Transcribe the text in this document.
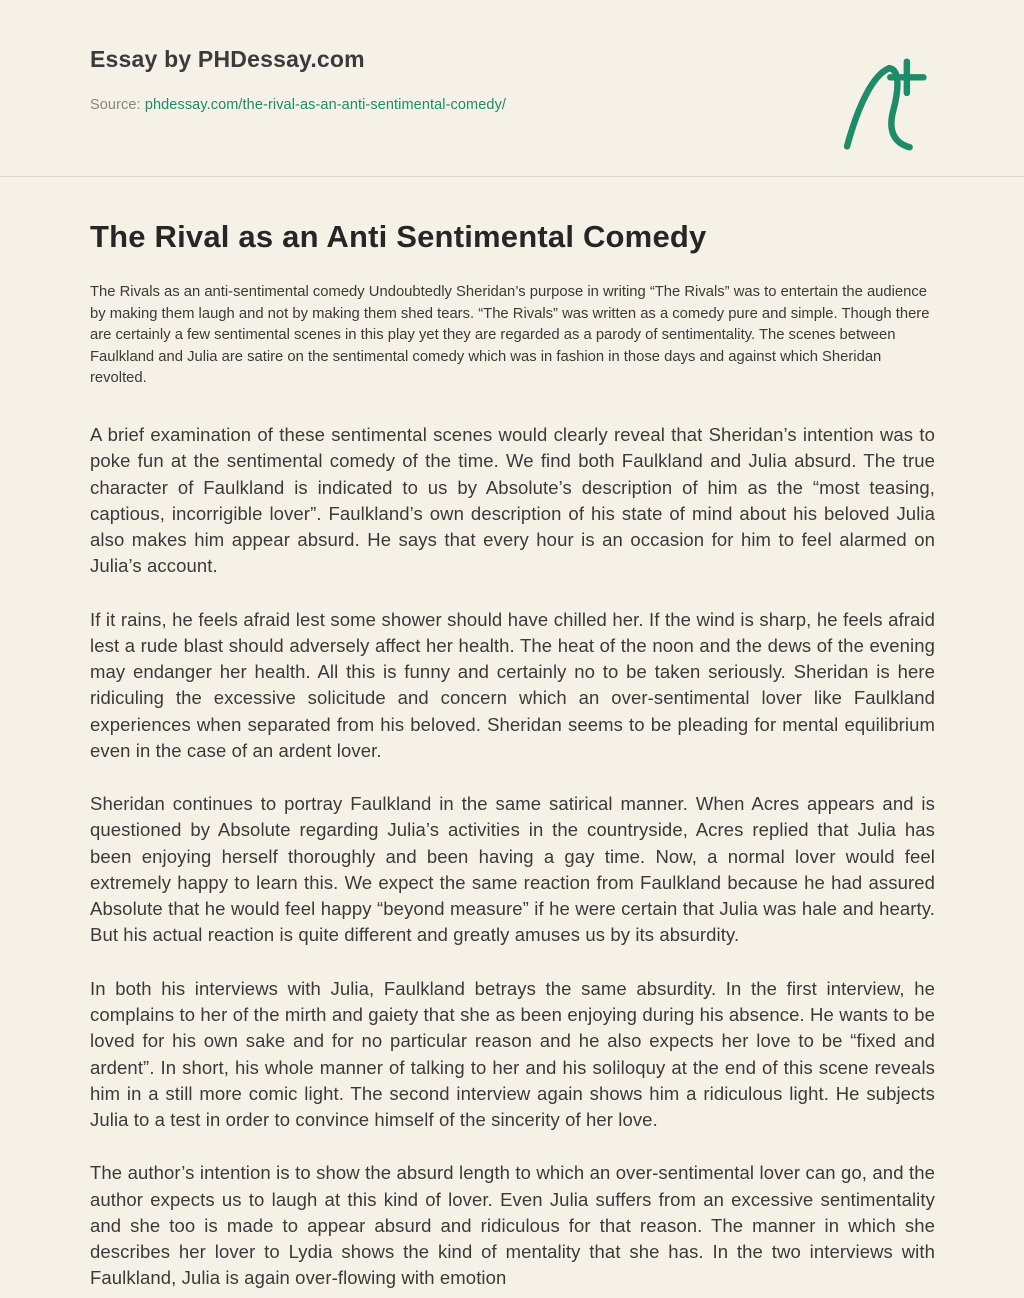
Essay by PHDessay.com
Source: phdessay.com/the-rival-as-an-anti-sentimental-comedy/
The Rival as an Anti Sentimental Comedy

The Rivals as an anti-sentimental comedy Undoubtedly Sheridan’s purpose in writing “The Rivals” was to entertain the audience by making them laugh and not by making them shed tears. “The Rivals” was written as a comedy pure and simple. Though there are certainly a few sentimental scenes in this play yet they are regarded as a parody of sentimentality. The scenes between Faulkland and Julia are satire on the sentimental comedy which was in fashion in those days and against which Sheridan revolted.

A brief examination of these sentimental scenes would clearly reveal that Sheridan’s intention was to poke fun at the sentimental comedy of the time. We find both Faulkland and Julia absurd. The true character of Faulkland is indicated to us by Absolute’s description of him as the “most teasing, captious, incorrigible lover”. Faulkland’s own description of his state of mind about his beloved Julia also makes him appear absurd. He says that every hour is an occasion for him to feel alarmed on Julia’s account.

If it rains, he feels afraid lest some shower should have chilled her. If the wind is sharp, he feels afraid lest a rude blast should adversely affect her health. The heat of the noon and the dews of the evening may endanger her health. All this is funny and certainly no to be taken seriously. Sheridan is here ridiculing the excessive solicitude and concern which an over-sentimental lover like Faulkland experiences when separated from his beloved. Sheridan seems to be pleading for mental equilibrium even in the case of an ardent lover.

Sheridan continues to portray Faulkland in the same satirical manner. When Acres appears and is questioned by Absolute regarding Julia’s activities in the countryside, Acres replied that Julia has been enjoying herself thoroughly and been having a gay time. Now, a normal lover would feel extremely happy to learn this. We expect the same reaction from Faulkland because he had assured Absolute that he would feel happy “beyond measure” if he were certain that Julia was hale and hearty. But his actual reaction is quite different and greatly amuses us by its absurdity.

In both his interviews with Julia, Faulkland betrays the same absurdity. In the first interview, he complains to her of the mirth and gaiety that she as been enjoying during his absence. He wants to be loved for his own sake and for no particular reason and he also expects her love to be “fixed and ardent”. In short, his whole manner of talking to her and his soliloquy at the end of this scene reveals him in a still more comic light. The second interview again shows him a ridiculous light. He subjects Julia to a test in order to convince himself of the sincerity of her love.

The author’s intention is to show the absurd length to which an over-sentimental lover can go, and the author expects us to laugh at this kind of lover. Even Julia suffers from an excessive sentimentality and she too is made to appear absurd and ridiculous for that reason. The manner in which she describes her lover to Lydia shows the kind of mentality that she has. In the two interviews with Faulkland, Julia is again over-flowing with emotion
